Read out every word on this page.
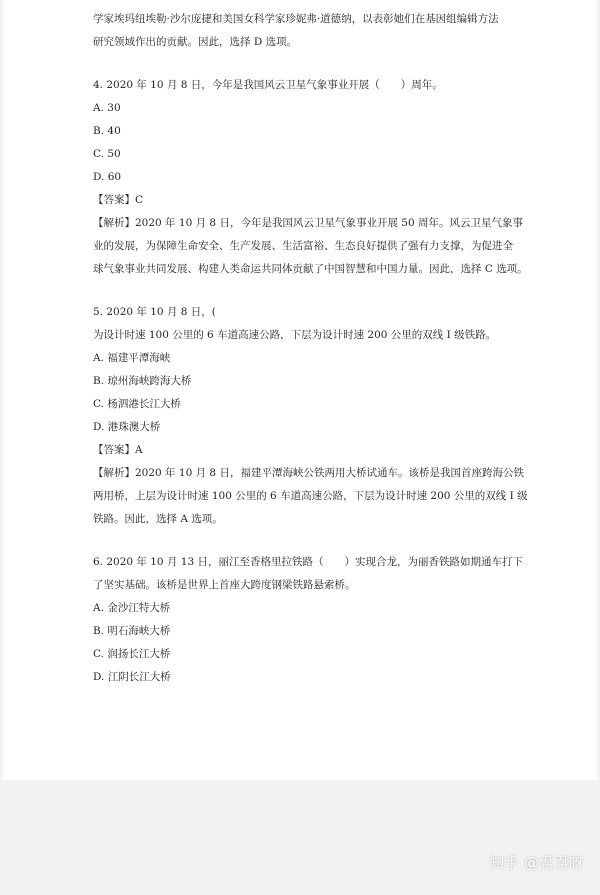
学家埃玛纽埃勒·沙尔庞捷和美国女科学家珍妮弗·道德纳，以表彰她们在基因组编辑方法
研究领域作出的贡献。因此，选择 D 选项。
4. 2020 年 10 月 8 日，今年是我国风云卫星气象事业开展（　　）周年。
A. 30
B. 40
C. 50
D. 60
【答案】C
【解析】2020 年 10 月 8 日，今年是我国风云卫星气象事业开展 50 周年。风云卫星气象事
业的发展，为保障生命安全、生产发展、生活富裕、生态良好提供了强有力支撑，为促进全
球气象事业共同发展、构建人类命运共同体贡献了中国智慧和中国力量。因此，选择 C 选项。
5. 2020 年 10 月 8 日，(
为设计时速 100 公里的 6 车道高速公路，下层为设计时速 200 公里的双线 Ⅰ 级铁路。
A. 福建平潭海峡
B. 琼州海峡跨海大桥
C. 杨泗港长江大桥
D. 港珠澳大桥
【答案】A
【解析】2020 年 10 月 8 日，福建平潭海峡公铁两用大桥试通车。该桥是我国首座跨海公铁
两用桥，上层为设计时速 100 公里的 6 车道高速公路，下层为设计时速 200 公里的双线 Ⅰ 级
铁路。因此，选择 A 选项。
6. 2020 年 10 月 13 日，丽江至香格里拉铁路（　　）实现合龙，为丽香铁路如期通车打下
了坚实基础。该桥是世界上首座大跨度钢梁铁路悬索桥。
A. 金沙江特大桥
B. 明石海峡大桥
C. 润扬长江大桥
D. 江阴长江大桥
知乎 @君君呀
